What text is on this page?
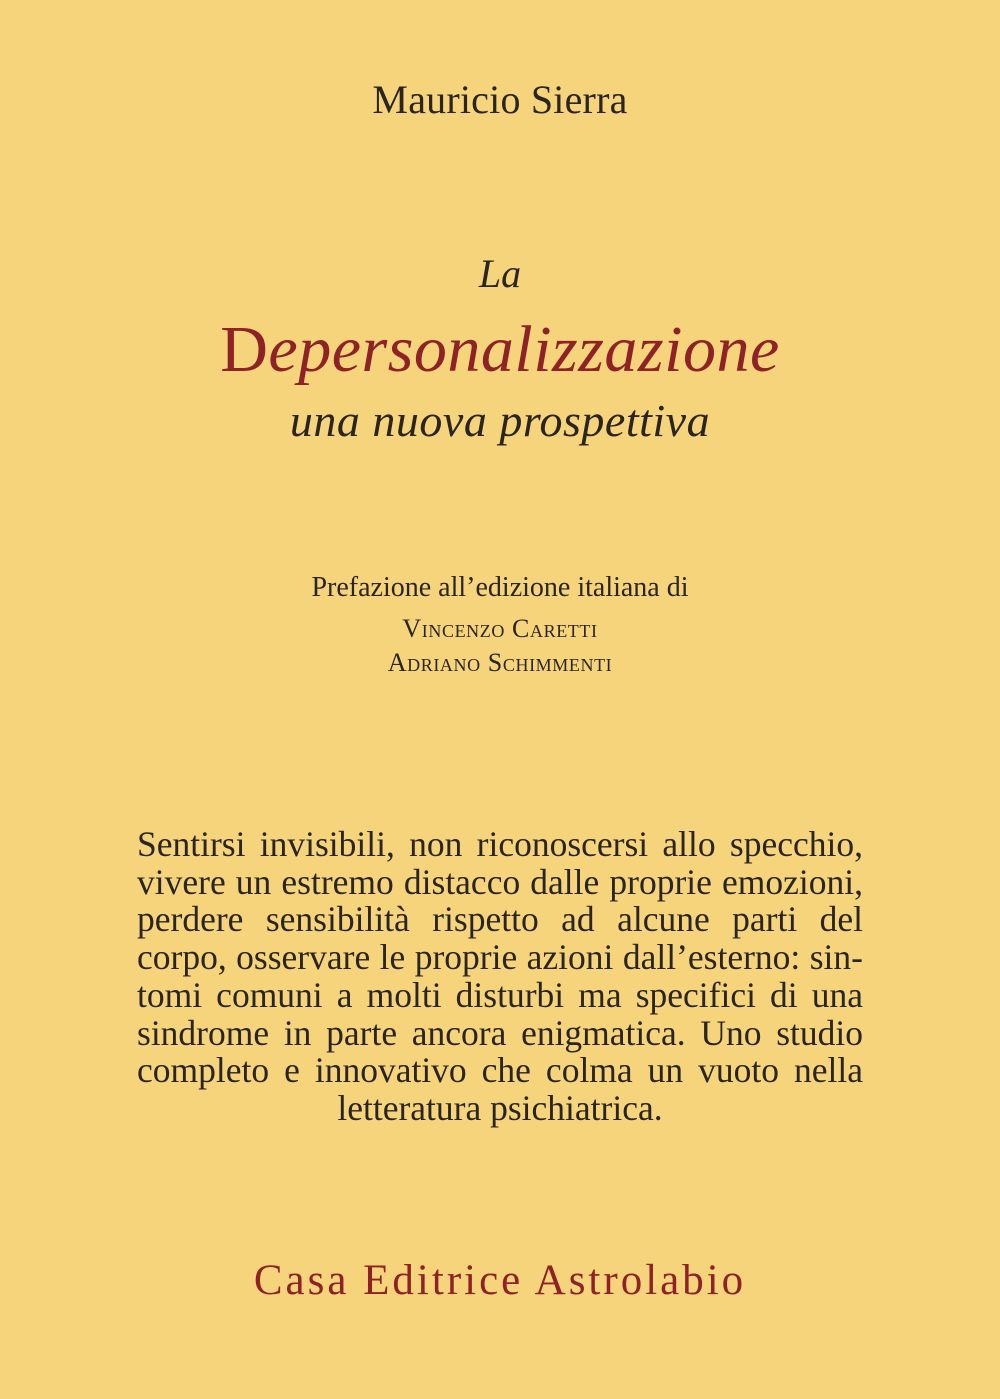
Mauricio Sierra
La
Depersonalizzazione
una nuova prospettiva
Prefazione all’edizione italiana di
Vincenzo Caretti
Adriano Schimmenti
Sentirsi invisibili, non riconoscersi allo specchio,
vivere un estremo distacco dalle proprie emozioni,
perdere sensibilità rispetto ad alcune parti del
corpo, osservare le proprie azioni dall’esterno: sin-
tomi comuni a molti disturbi ma specifici di una
sindrome in parte ancora enigmatica. Uno studio
completo e innovativo che colma un vuoto nella
letteratura psichiatrica.
Casa Editrice Astrolabio
